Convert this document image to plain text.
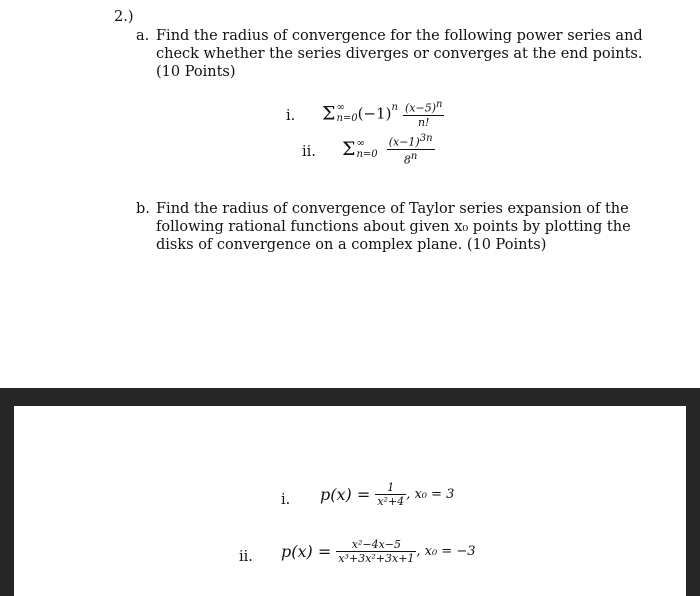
2.)
a. Find the radius of convergence for the following power series and
check whether the series diverges or converges at the end points.
(10 Points)
i. Σ ∞
n=0 $(-1)^n \frac{(x-5)^n}{n!}$
ii. Σ ∞
n=0
$\frac{(x-1)^{3n}}{8^n}$
b. Find the radius of convergence of Taylor series expansion of the
following rational functions about given x₀ points by plotting the
disks of convergence on a complex plane. (10 Points)
i. $p(x) = \frac{1}{\text{x²+4}}$ , x₀ = 3
ii. $p(x) = \frac{\text{x²−4x−5}}{\text{x³+3x²+3x+1}}$ , x₀ = −3
